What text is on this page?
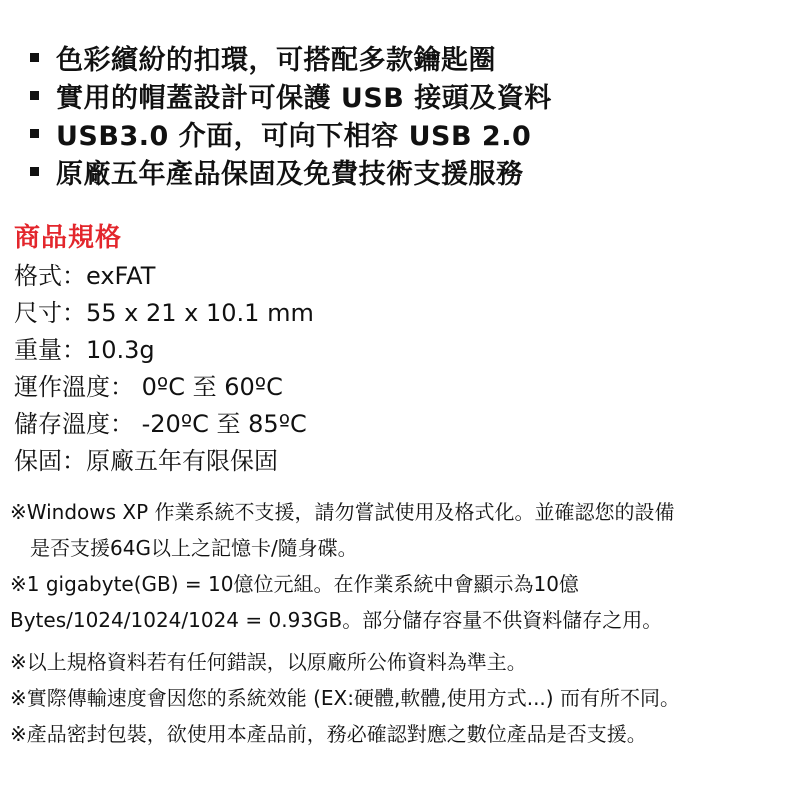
色彩繽紛的扣環，可搭配多款鑰匙圈
實用的帽蓋設計可保護 USB 接頭及資料
USB3.0 介面，可向下相容 USB 2.0
原廠五年產品保固及免費技術支援服務
商品規格
格式：exFAT
尺寸：55 x 21 x 10.1 mm
重量：10.3g
運作溫度： 0ºC 至 60ºC
儲存溫度： -20ºC 至 85ºC
保固：原廠五年有限保固
※Windows XP 作業系統不支援，請勿嘗試使用及格式化。並確認您的設備
是否支援64G以上之記憶卡/隨身碟。
※1 gigabyte(GB) = 10億位元組。在作業系統中會顯示為10億
Bytes/1024/1024/1024 = 0.93GB。部分儲存容量不供資料儲存之用。
※以上規格資料若有任何錯誤，以原廠所公佈資料為準主。
※實際傳輸速度會因您的系統效能 (EX:硬體,軟體,使用方式...) 而有所不同。
※產品密封包裝，欲使用本產品前，務必確認對應之數位產品是否支援。
